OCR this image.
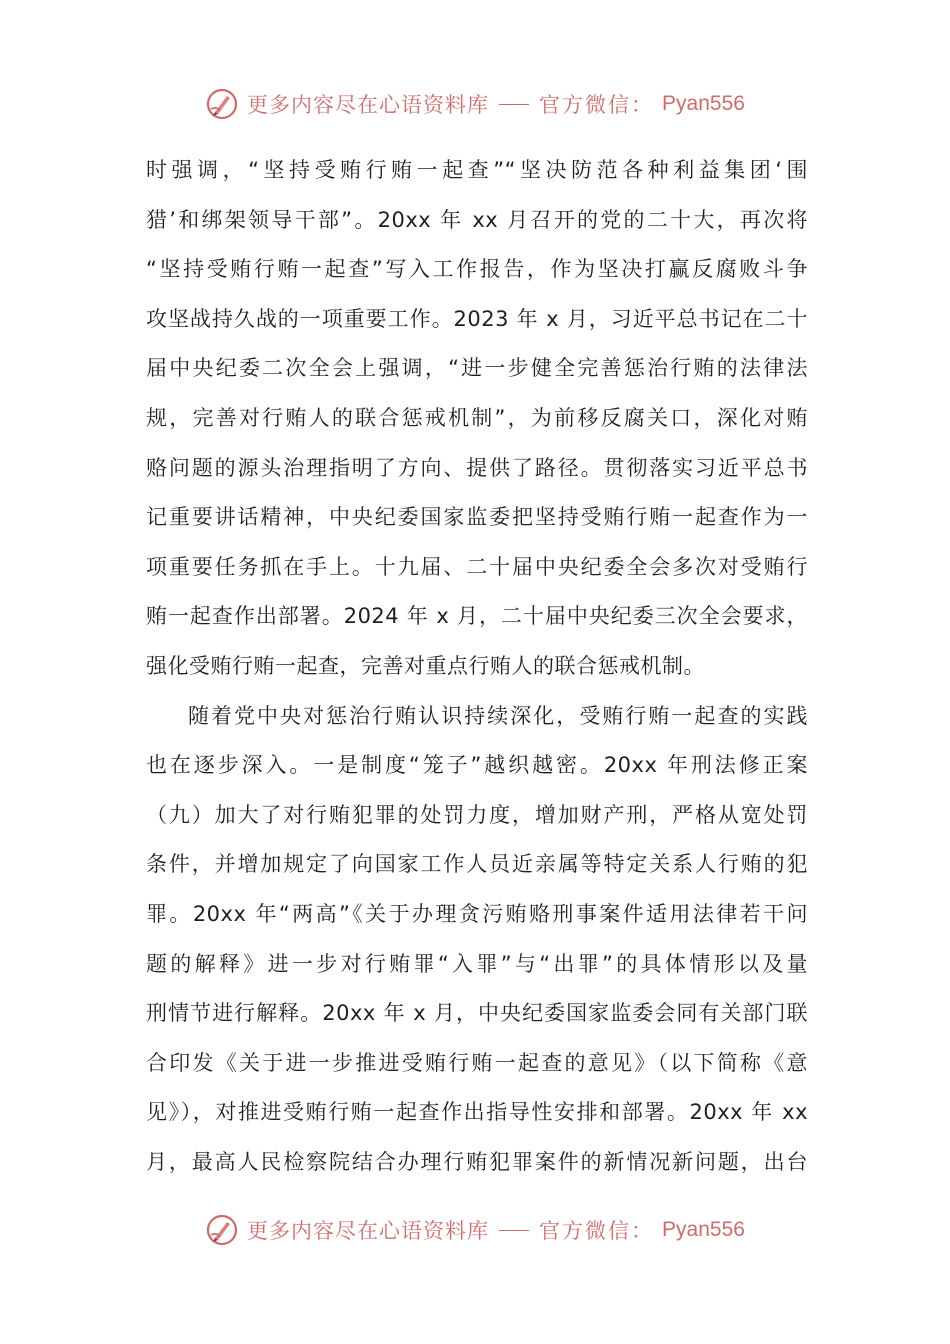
更多内容尽在心语资料库 官方微信： Pyan556
时强调，“坚持受贿行贿一起查”“坚决防范各种利益集团‘围
猎’和绑架领导干部”。20xx 年 xx 月召开的党的二十大，再次将
“坚持受贿行贿一起查”写入工作报告，作为坚决打赢反腐败斗争
攻坚战持久战的一项重要工作。2023 年 x 月，习近平总书记在二十
届中央纪委二次全会上强调，“进一步健全完善惩治行贿的法律法
规，完善对行贿人的联合惩戒机制”，为前移反腐关口，深化对贿
赂问题的源头治理指明了方向、提供了路径。贯彻落实习近平总书
记重要讲话精神，中央纪委国家监委把坚持受贿行贿一起查作为一
项重要任务抓在手上。十九届、二十届中央纪委全会多次对受贿行
贿一起查作出部署。2024 年 x 月，二十届中央纪委三次全会要求，
强化受贿行贿一起查，完善对重点行贿人的联合惩戒机制。
随着党中央对惩治行贿认识持续深化，受贿行贿一起查的实践
也在逐步深入。一是制度“笼子”越织越密。20xx 年刑法修正案
（九）加大了对行贿犯罪的处罚力度，增加财产刑，严格从宽处罚
条件，并增加规定了向国家工作人员近亲属等特定关系人行贿的犯
罪。20xx 年“两高”《关于办理贪污贿赂刑事案件适用法律若干问
题的解释》进一步对行贿罪“入罪”与“出罪”的具体情形以及量
刑情节进行解释。20xx 年 x 月，中央纪委国家监委会同有关部门联
合印发《关于进一步推进受贿行贿一起查的意见》（以下简称《意
见》），对推进受贿行贿一起查作出指导性安排和部署。20xx 年 xx
月，最高人民检察院结合办理行贿犯罪案件的新情况新问题，出台
更多内容尽在心语资料库 官方微信： Pyan556
